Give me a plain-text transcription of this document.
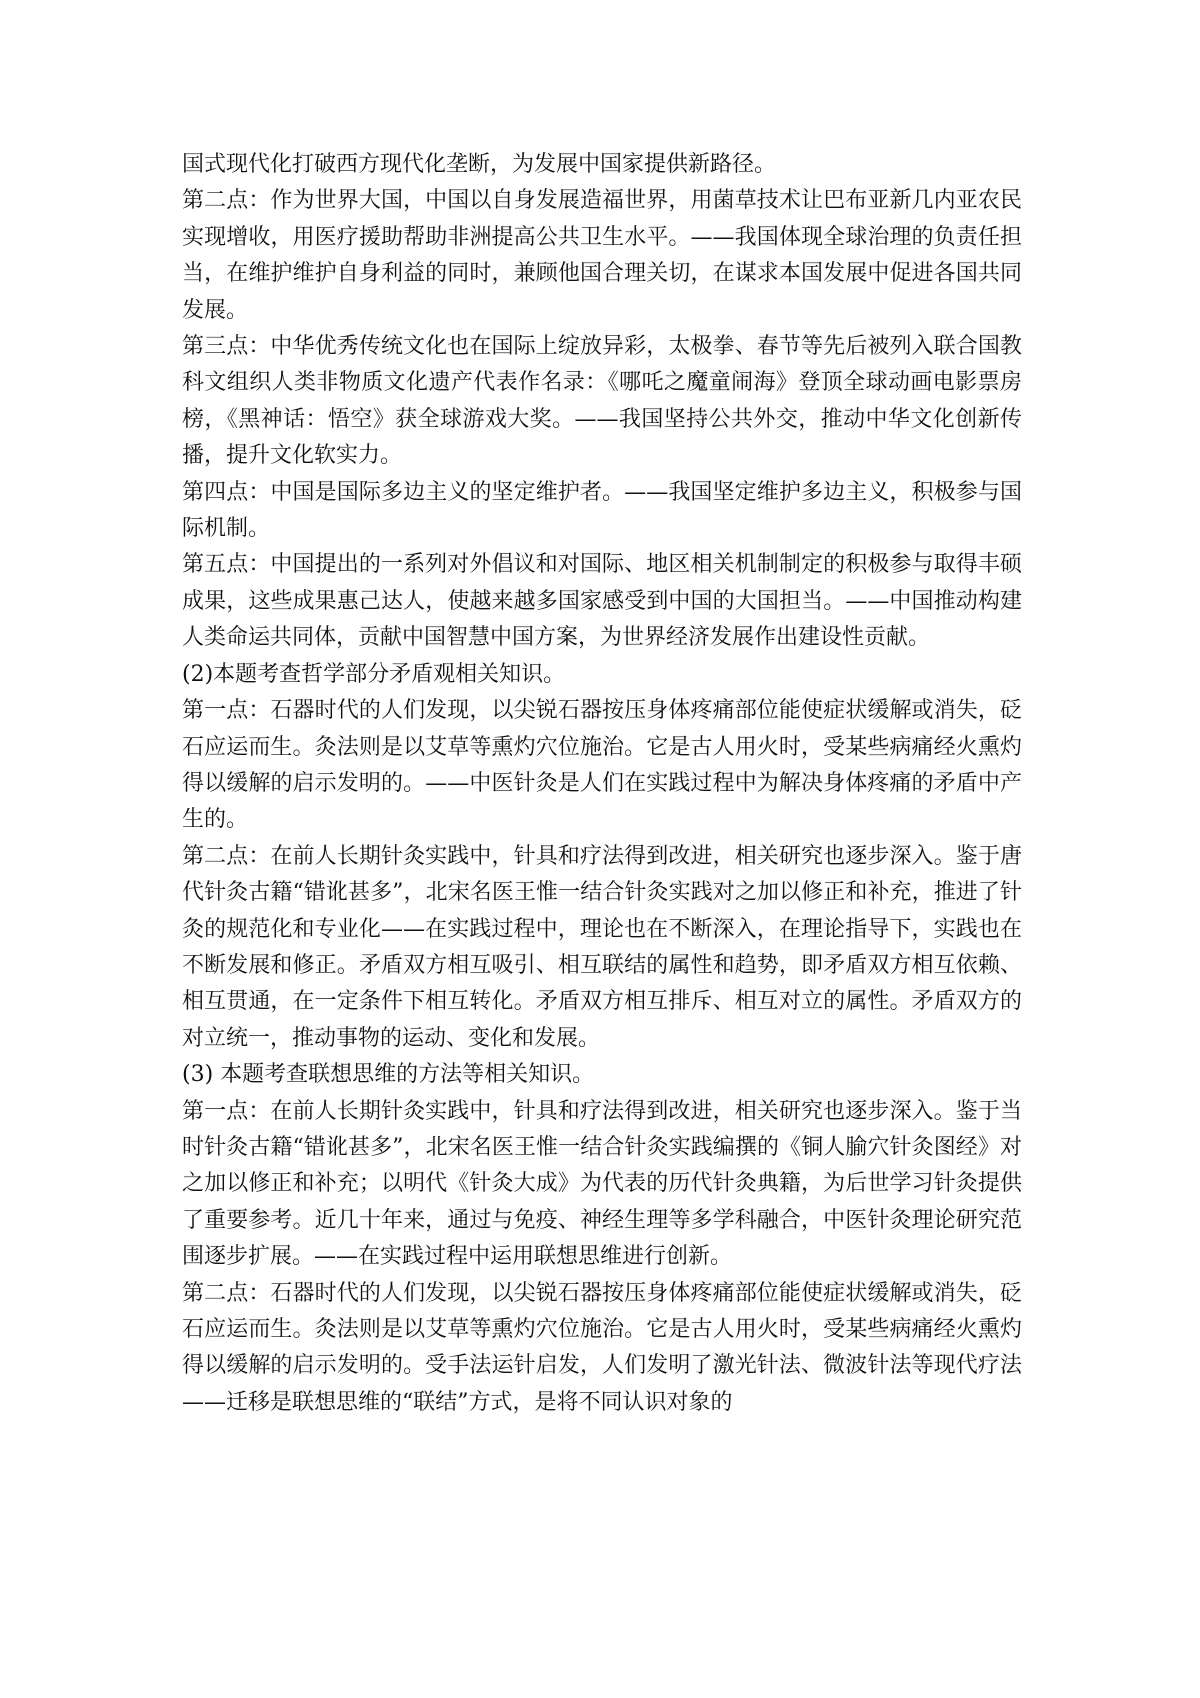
国式现代化打破西方现代化垄断，为发展中国家提供新路径。

第二点：作为世界大国，中国以自身发展造福世界，用菌草技术让巴布亚新几内亚农民实现增收，用医疗援助帮助非洲提高公共卫生水平。——我国体现全球治理的负责任担当，在维护维护自身利益的同时，兼顾他国合理关切，在谋求本国发展中促进各国共同发展。

第三点：中华优秀传统文化也在国际上绽放异彩，太极拳、春节等先后被列入联合国教科文组织人类非物质文化遗产代表作名录：《哪吒之魔童闹海》登顶全球动画电影票房榜，《黑神话：悟空》获全球游戏大奖。——我国坚持公共外交，推动中华文化创新传播，提升文化软实力。

第四点：中国是国际多边主义的坚定维护者。——我国坚定维护多边主义，积极参与国际机制。

第五点：中国提出的一系列对外倡议和对国际、地区相关机制制定的积极参与取得丰硕成果，这些成果惠己达人，使越来越多国家感受到中国的大国担当。——中国推动构建人类命运共同体，贡献中国智慧中国方案，为世界经济发展作出建设性贡献。

(2)本题考查哲学部分矛盾观相关知识。

第一点：石器时代的人们发现，以尖锐石器按压身体疼痛部位能使症状缓解或消失，砭石应运而生。灸法则是以艾草等熏灼穴位施治。它是古人用火时，受某些病痛经火熏灼得以缓解的启示发明的。——中医针灸是人们在实践过程中为解决身体疼痛的矛盾中产生的。

第二点：在前人长期针灸实践中，针具和疗法得到改进，相关研究也逐步深入。鉴于唐代针灸古籍“错讹甚多”，北宋名医王惟一结合针灸实践对之加以修正和补充，推进了针灸的规范化和专业化——在实践过程中，理论也在不断深入，在理论指导下，实践也在不断发展和修正。矛盾双方相互吸引、相互联结的属性和趋势，即矛盾双方相互依赖、相互贯通，在一定条件下相互转化。矛盾双方相互排斥、相互对立的属性。矛盾双方的对立统一，推动事物的运动、变化和发展。

(3) 本题考查联想思维的方法等相关知识。

第一点：在前人长期针灸实践中，针具和疗法得到改进，相关研究也逐步深入。鉴于当时针灸古籍“错讹甚多”，北宋名医王惟一结合针灸实践编撰的《铜人腧穴针灸图经》对之加以修正和补充；以明代《针灸大成》为代表的历代针灸典籍，为后世学习针灸提供了重要参考。近几十年来，通过与免疫、神经生理等多学科融合，中医针灸理论研究范围逐步扩展。——在实践过程中运用联想思维进行创新。

第二点：石器时代的人们发现，以尖锐石器按压身体疼痛部位能使症状缓解或消失，砭石应运而生。灸法则是以艾草等熏灼穴位施治。它是古人用火时，受某些病痛经火熏灼得以缓解的启示发明的。受手法运针启发，人们发明了激光针法、微波针法等现代疗法——迁移是联想思维的“联结”方式，是将不同认识对象的
